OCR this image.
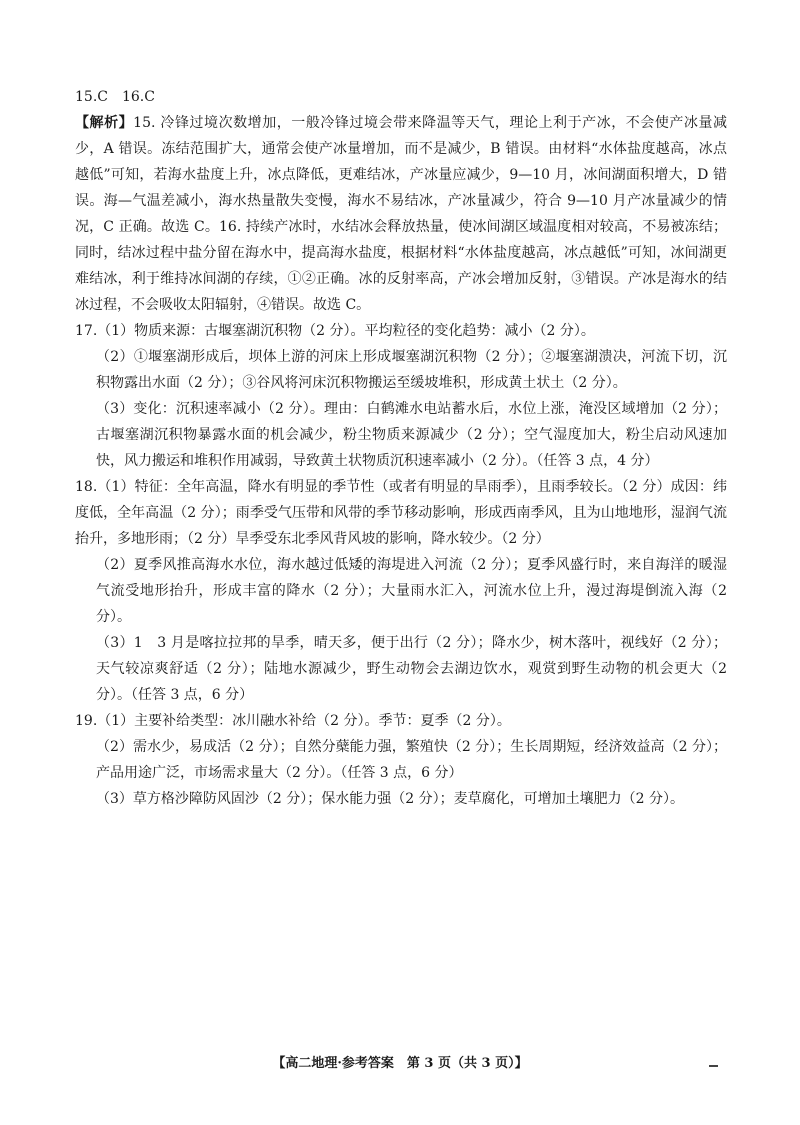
15.C　16.C

【解析】15. 冷锋过境次数增加，一般冷锋过境会带来降温等天气，理论上利于产冰，不会使产冰量减少，A 错误。冻结范围扩大，通常会使产冰量增加，而不是减少，B 错误。由材料“水体盐度越高，冰点越低”可知，若海水盐度上升，冰点降低，更难结冰，产冰量应减少，9—10 月，冰间湖面积增大，D 错误。海—气温差减小，海水热量散失变慢，海水不易结冰，产冰量减少，符合 9—10 月产冰量减少的情况，C 正确。故选 C。16. 持续产冰时，水结冰会释放热量，使冰间湖区域温度相对较高，不易被冻结；同时，结冰过程中盐分留在海水中，提高海水盐度，根据材料“水体盐度越高，冰点越低”可知，冰间湖更难结冰，利于维持冰间湖的存续，①②正确。冰的反射率高，产冰会增加反射，③错误。产冰是海水的结冰过程，不会吸收太阳辐射，④错误。故选 C。

17.（1）物质来源：古堰塞湖沉积物（2 分）。平均粒径的变化趋势：减小（2 分）。

（2）①堰塞湖形成后，坝体上游的河床上形成堰塞湖沉积物（2 分）；②堰塞湖溃决，河流下切，沉积物露出水面（2 分）；③谷风将河床沉积物搬运至缓坡堆积，形成黄土状土（2 分）。

（3）变化：沉积速率减小（2 分）。理由：白鹤滩水电站蓄水后，水位上涨，淹没区域增加（2 分）；古堰塞湖沉积物暴露水面的机会减少，粉尘物质来源减少（2 分）；空气湿度加大，粉尘启动风速加快，风力搬运和堆积作用减弱，导致黄土状物质沉积速率减小（2 分）。（任答 3 点，4 分）

18.（1）特征：全年高温，降水有明显的季节性（或者有明显的旱雨季），且雨季较长。（2 分）成因：纬度低，全年高温（2 分）；雨季受气压带和风带的季节移动影响，形成西南季风，且为山地地形，湿润气流抬升，多地形雨；（2 分）旱季受东北季风背风坡的影响，降水较少。（2 分）

（2）夏季风推高海水水位，海水越过低矮的海堤进入河流（2 分）；夏季风盛行时，来自海洋的暖湿气流受地形抬升，形成丰富的降水（2 分）；大量雨水汇入，河流水位上升，漫过海堤倒流入海（2 分）。

（3）1　3 月是喀拉拉邦的旱季，晴天多，便于出行（2 分）；降水少，树木落叶，视线好（2 分）；天气较凉爽舒适（2 分）；陆地水源减少，野生动物会去湖边饮水，观赏到野生动物的机会更大（2 分）。（任答 3 点，6 分）

19.（1）主要补给类型：冰川融水补给（2 分）。季节：夏季（2 分）。

（2）需水少，易成活（2 分）；自然分蘖能力强，繁殖快（2 分）；生长周期短，经济效益高（2 分）；产品用途广泛，市场需求量大（2 分）。（任答 3 点，6 分）

（3）草方格沙障防风固沙（2 分）；保水能力强（2 分）；麦草腐化，可增加土壤肥力（2 分）。

【高二地理·参考答案　第 3 页（共 3 页）】
